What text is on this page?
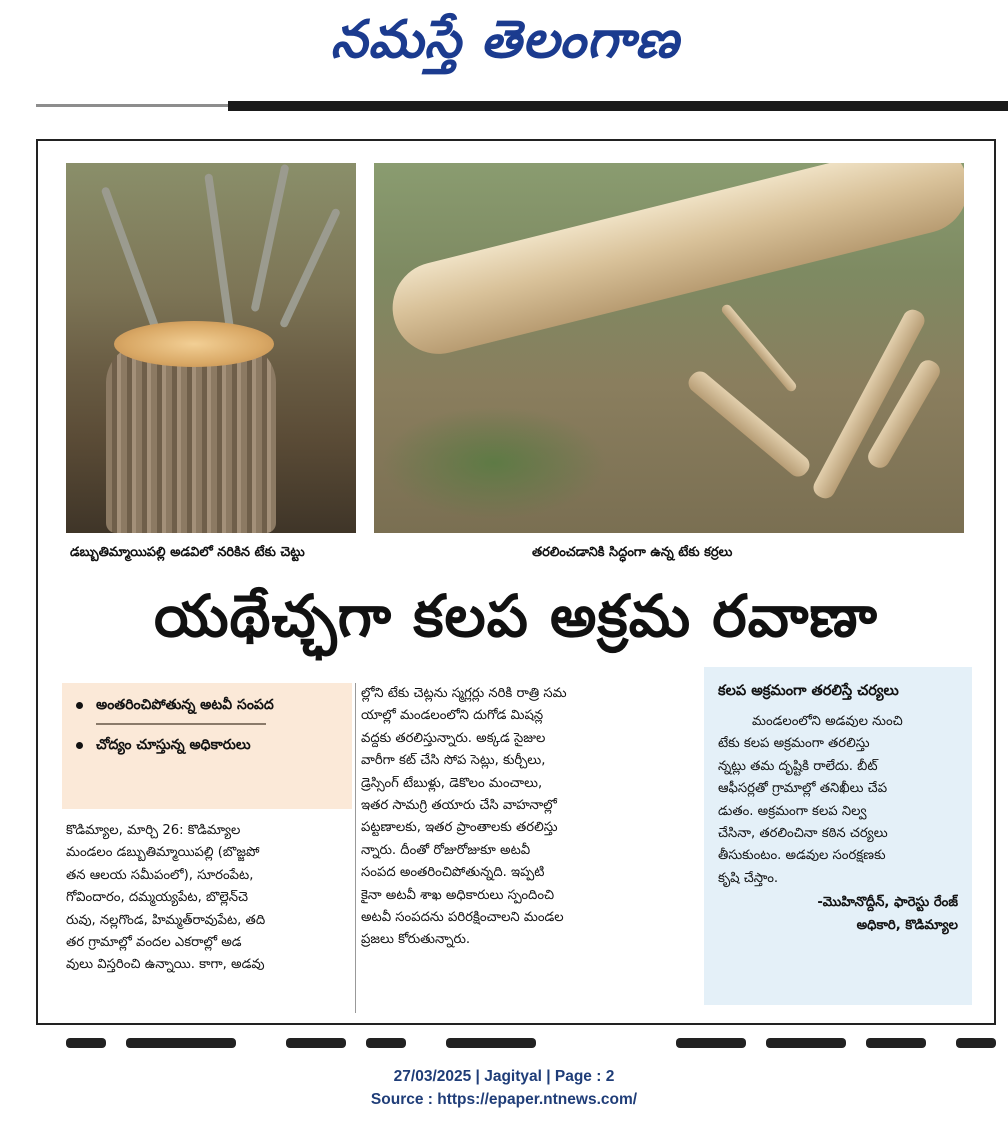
నమస్తే తెలంగాణ
డబ్బుతిమ్మాయిపల్లి అడవిలో నరికిన టేకు చెట్టు	తరలించడానికి సిద్ధంగా ఉన్న టేకు కర్రలు
యథేచ్ఛగా కలప అక్రమ రవాణా
అంతరించిపోతున్న అటవీ సంపద
చోద్యం చూస్తున్న అధికారులు
కొడిమ్యాల, మార్చి 26: కొడిమ్యాల
మండలం డబ్బుతిమ్మాయిపల్లి (బొజ్జపో
తన ఆలయ సమీపంలో), సూరంపేట,
గోవిందారం, దమ్మయ్యపేట, బొల్లెన్‌చె
రువు, నల్లగొండ, హిమ్మత్‌రావుపేట, తది
తర గ్రామాల్లో వందల ఎకరాల్లో అడ
వులు విస్తరించి ఉన్నాయి. కాగా, అడవు
ల్లోని టేకు చెట్లను స్మగ్లర్లు నరికి రాత్రి సమ
యాల్లో మండలంలోని దుగోడ మిషన్ల
వద్దకు తరలిస్తున్నారు. అక్కడ సైజుల
వారీగా కట్ చేసి సోప సెట్లు, కుర్చీలు,
డ్రెస్సింగ్ టేబుళ్లు, డెకొలం మంచాలు,
ఇతర సామగ్రి తయారు చేసి వాహనాల్లో
పట్టణాలకు, ఇతర ప్రాంతాలకు తరలిస్తు
న్నారు. దీంతో రోజురోజుకూ అటవీ
సంపద అంతరించిపోతున్నది. ఇప్పటి
కైనా అటవీ శాఖ అధికారులు స్పందించి
అటవీ సంపదను పరిరక్షించాలని మండల
ప్రజలు కోరుతున్నారు.
కలప అక్రమంగా తరలిస్తే చర్యలు
మండలంలోని అడవుల నుంచి
టేకు కలప అక్రమంగా తరలిస్తు
న్నట్లు తమ దృష్టికి రాలేదు. బీట్
ఆఫీసర్లతో గ్రామాల్లో తనిఖీలు చేప
డుతం. అక్రమంగా కలప నిల్వ
చేసినా, తరలించినా కఠిన చర్యలు
తీసుకుంటం. అడవుల సంరక్షణకు
కృషి చేస్తాం.
-మొహినొద్దీన్, ఫారెస్టు రేంజ్
అధికారి, కొడిమ్యాల
27/03/2025 | Jagityal | Page : 2
Source : https://epaper.ntnews.com/
